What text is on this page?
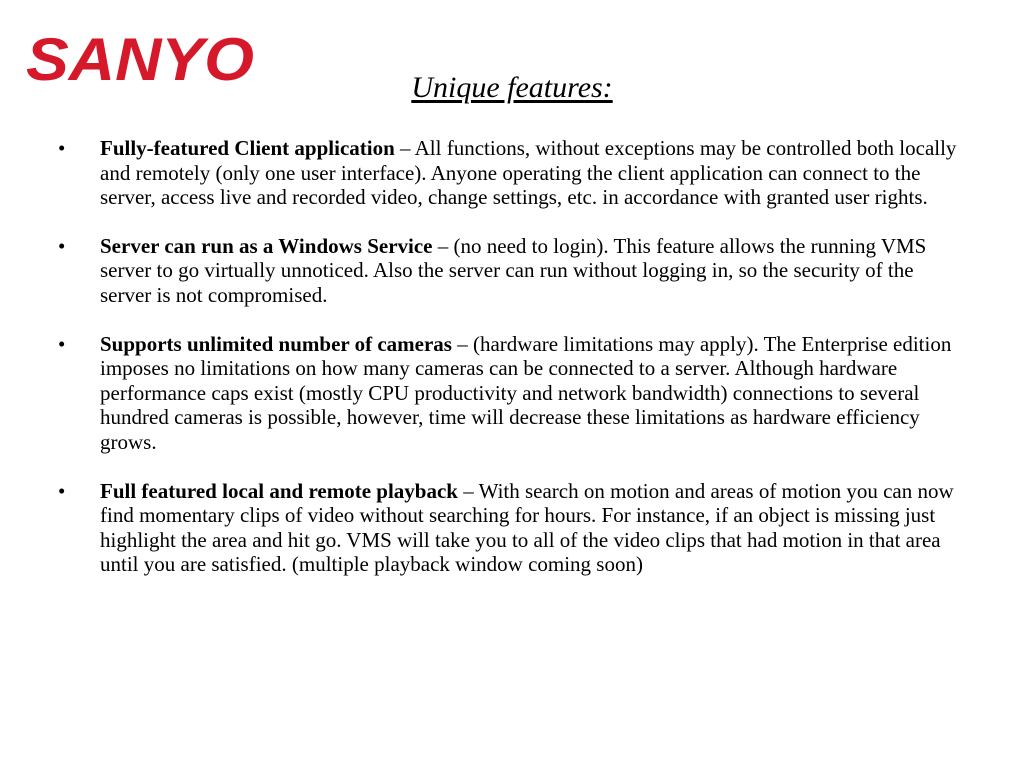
SANYO	Unique features:
• Fully-featured Client application – All functions, without exceptions may be controlled both locally and remotely (only one user interface). Anyone operating the client application can connect to the server, access live and recorded video, change settings, etc. in accordance with granted user rights.
• Server can run as a Windows Service – (no need to login). This feature allows the running VMS server to go virtually unnoticed. Also the server can run without logging in, so the security of the server is not compromised.
• Supports unlimited number of cameras – (hardware limitations may apply). The Enterprise edition imposes no limitations on how many cameras can be connected to a server. Although hardware performance caps exist (mostly CPU productivity and network bandwidth) connections to several hundred cameras is possible, however, time will decrease these limitations as hardware efficiency grows.
• Full featured local and remote playback – With search on motion and areas of motion you can now find momentary clips of video without searching for hours. For instance, if an object is missing just highlight the area and hit go. VMS will take you to all of the video clips that had motion in that area until you are satisfied. (multiple playback window coming soon)
